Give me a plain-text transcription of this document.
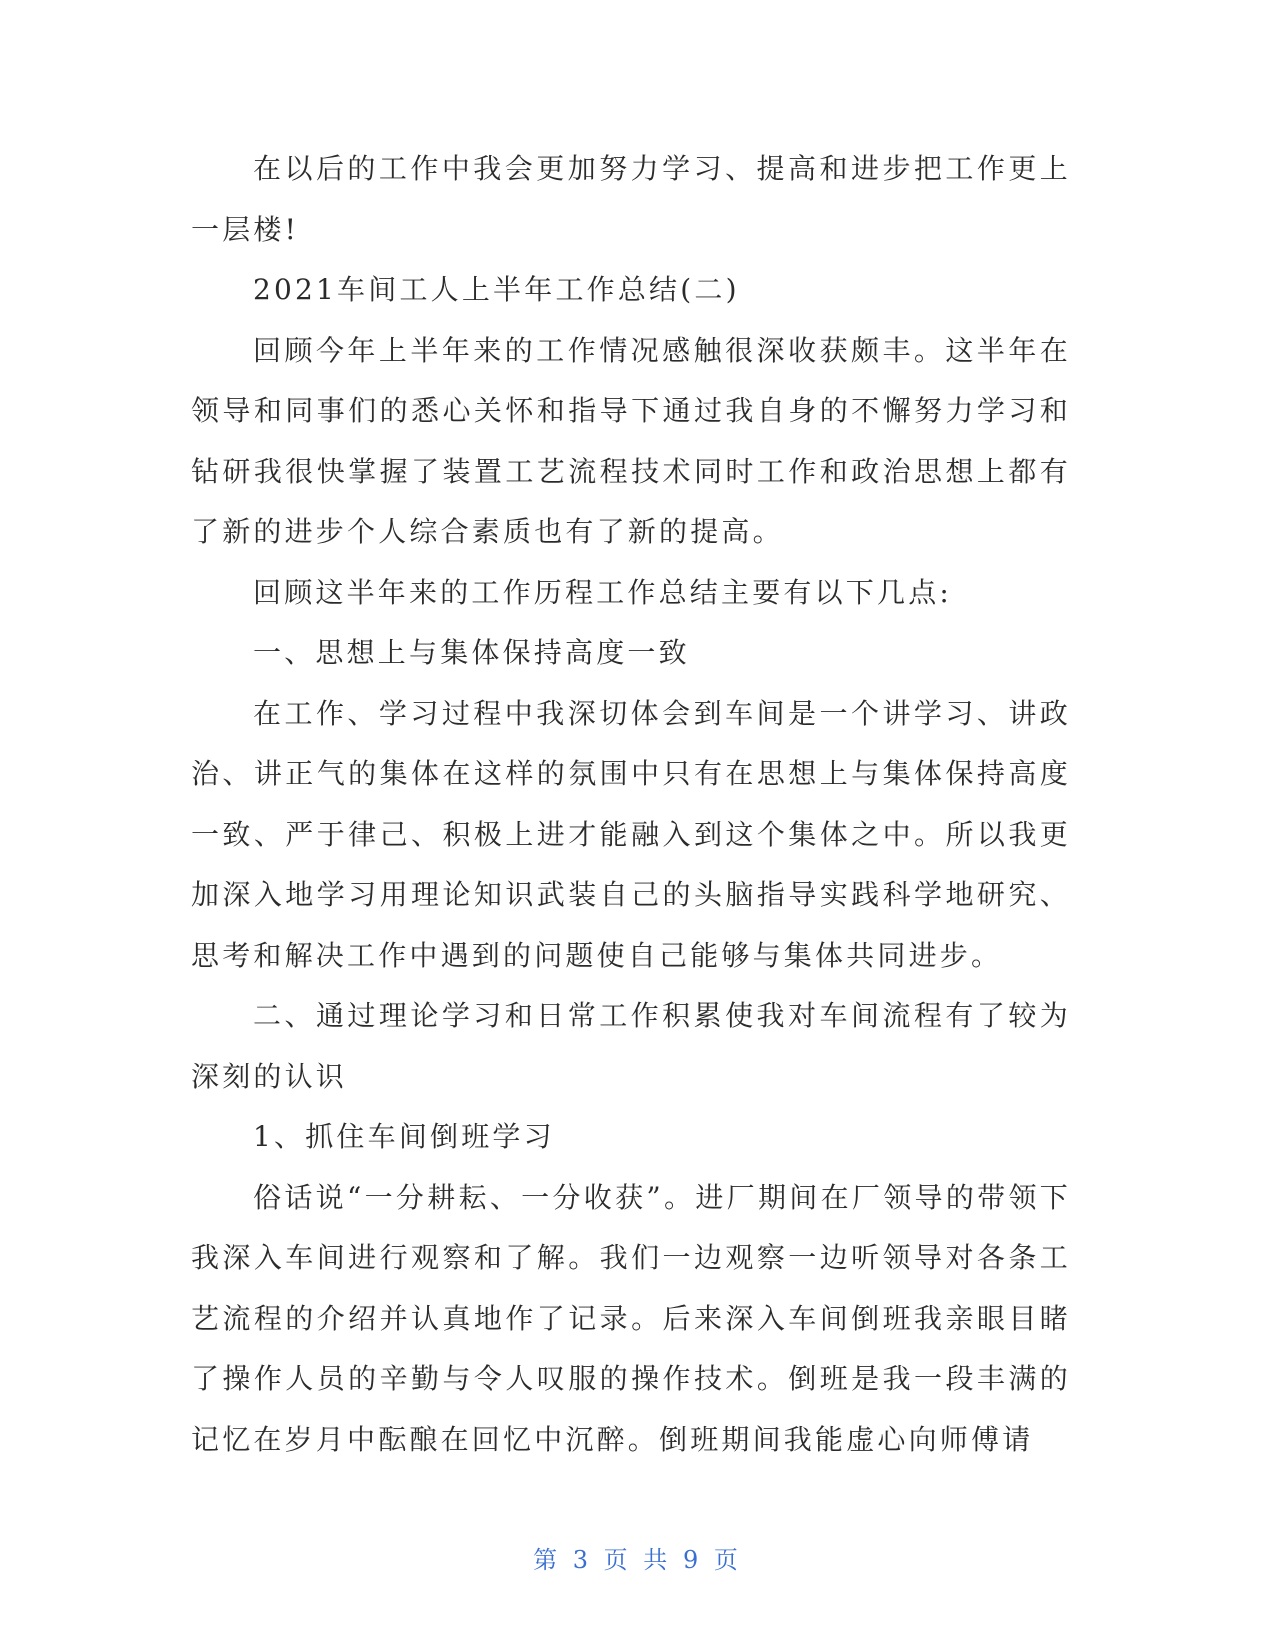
在以后的工作中我会更加努力学习、提高和进步把工作更上一层楼!

2021车间工人上半年工作总结(二)

回顾今年上半年来的工作情况感触很深收获颇丰。这半年在领导和同事们的悉心关怀和指导下通过我自身的不懈努力学习和钻研我很快掌握了装置工艺流程技术同时工作和政治思想上都有了新的进步个人综合素质也有了新的提高。

回顾这半年来的工作历程工作总结主要有以下几点:

一、思想上与集体保持高度一致

在工作、学习过程中我深切体会到车间是一个讲学习、讲政治、讲正气的集体在这样的氛围中只有在思想上与集体保持高度一致、严于律己、积极上进才能融入到这个集体之中。所以我更加深入地学习用理论知识武装自己的头脑指导实践科学地研究、思考和解决工作中遇到的问题使自己能够与集体共同进步。

二、通过理论学习和日常工作积累使我对车间流程有了较为深刻的认识

1、抓住车间倒班学习

俗话说“一分耕耘、一分收获”。进厂期间在厂领导的带领下我深入车间进行观察和了解。我们一边观察一边听领导对各条工艺流程的介绍并认真地作了记录。后来深入车间倒班我亲眼目睹了操作人员的辛勤与令人叹服的操作技术。倒班是我一段丰满的记忆在岁月中酝酿在回忆中沉醉。倒班期间我能虚心向师傅请

第 3 页 共 9 页
